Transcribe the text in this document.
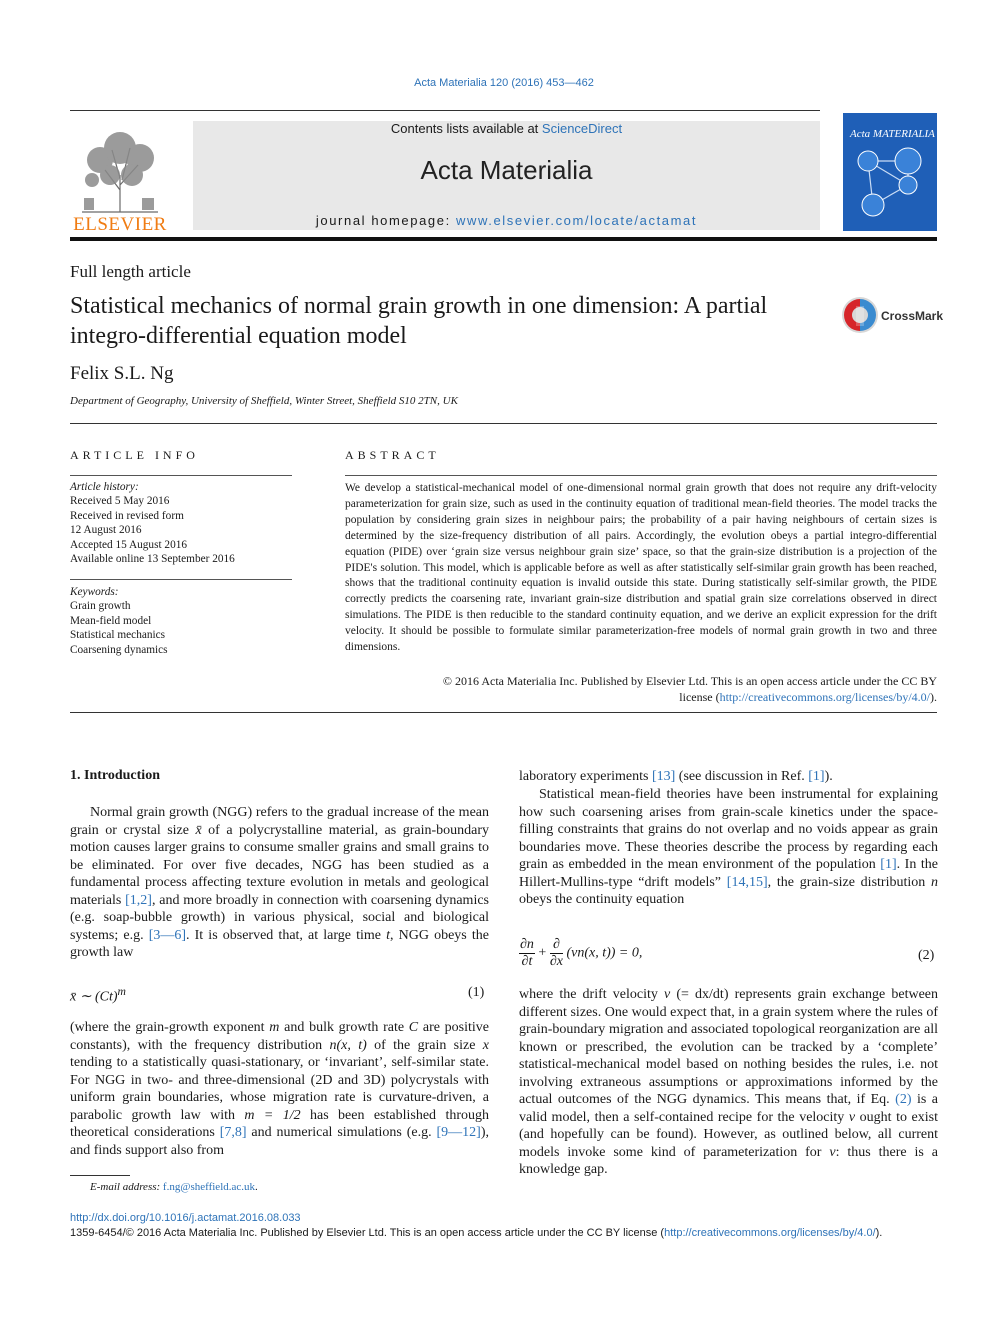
Acta Materialia 120 (2016) 453—462
ELSEVIER
Contents lists available at ScienceDirect
Acta Materialia
journal homepage: www.elsevier.com/locate/actamat
Acta MATERIALIA
Full length article
Statistical mechanics of normal grain growth in one dimension: A partial integro-differential equation model
CrossMark
Felix S.L. Ng
Department of Geography, University of Sheffield, Winter Street, Sheffield S10 2TN, UK
ARTICLE INFO
Article history:
Received 5 May 2016
Received in revised form
12 August 2016
Accepted 15 August 2016
Available online 13 September 2016
Keywords:
Grain growth
Mean-field model
Statistical mechanics
Coarsening dynamics
ABSTRACT
We develop a statistical-mechanical model of one-dimensional normal grain growth that does not require any drift-velocity parameterization for grain size, such as used in the continuity equation of traditional mean-field theories. The model tracks the population by considering grain sizes in neighbour pairs; the probability of a pair having neighbours of certain sizes is determined by the size-frequency distribution of all pairs. Accordingly, the evolution obeys a partial integro-differential equation (PIDE) over ‘grain size versus neighbour grain size’ space, so that the grain-size distribution is a projection of the PIDE's solution. This model, which is applicable before as well as after statistically self-similar grain growth has been reached, shows that the traditional continuity equation is invalid outside this state. During statistically self-similar growth, the PIDE correctly predicts the coarsening rate, invariant grain-size distribution and spatial grain size correlations observed in direct simulations. The PIDE is then reducible to the standard continuity equation, and we derive an explicit expression for the drift velocity. It should be possible to formulate similar parameterization-free models of normal grain growth in two and three dimensions.
© 2016 Acta Materialia Inc. Published by Elsevier Ltd. This is an open access article under the CC BY
license (http://creativecommons.org/licenses/by/4.0/).
1. Introduction
Normal grain growth (NGG) refers to the gradual increase of the mean grain or crystal size x̄ of a polycrystalline material, as grain-boundary motion causes larger grains to consume smaller grains and small grains to be eliminated. For over five decades, NGG has been studied as a fundamental process affecting texture evolution in metals and geological materials [1,2], and more broadly in connection with coarsening dynamics (e.g. soap-bubble growth) in various physical, social and biological systems; e.g. [3—6]. It is observed that, at large time t, NGG obeys the growth law
x̄ ∼ $(Ct)^m$	(1)
(where the grain-growth exponent m and bulk growth rate C are positive constants), with the frequency distribution n(x, t) of the grain size x tending to a statistically quasi-stationary, or ‘invariant’, self-similar state. For NGG in two- and three-dimensional (2D and 3D) polycrystals with uniform grain boundaries, whose migration rate is curvature-driven, a parabolic growth law with m = 1/2 has been established through theoretical considerations [7,8] and numerical simulations (e.g. [9—12]), and finds support also from
E-mail address: f.ng@sheffield.ac.uk.
laboratory experiments [13] (see discussion in Ref. [1]).
Statistical mean-field theories have been instrumental for explaining how such coarsening arises from grain-scale kinetics under the space-filling constraints that grains do not overlap and no voids appear as grain boundaries move. These theories describe the process by regarding each grain as embedded in the mean environment of the population [1]. In the Hillert-Mullins-type “drift models” [14,15], the grain-size distribution n obeys the continuity equation
$\frac{\partial n}{\partial t} + \frac{\partial}{\partial x} (vn(x$, t)) = 0,	(2)
where the drift velocity v (= dx/dt) represents grain exchange between different sizes. One would expect that, in a grain system where the rules of grain-boundary migration and associated topological reorganization are all known or prescribed, the evolution can be tracked by a ‘complete’ statistical-mechanical model based on nothing besides the rules, i.e. not involving extraneous assumptions or approximations informed by the actual outcomes of the NGG dynamics. This means that, if Eq. (2) is a valid model, then a self-contained recipe for the velocity v ought to exist (and hopefully can be found). However, as outlined below, all current models invoke some kind of parameterization for v: thus there is a knowledge gap.
http://dx.doi.org/10.1016/j.actamat.2016.08.033
1359-6454/© 2016 Acta Materialia Inc. Published by Elsevier Ltd. This is an open access article under the CC BY license (http://creativecommons.org/licenses/by/4.0/).
